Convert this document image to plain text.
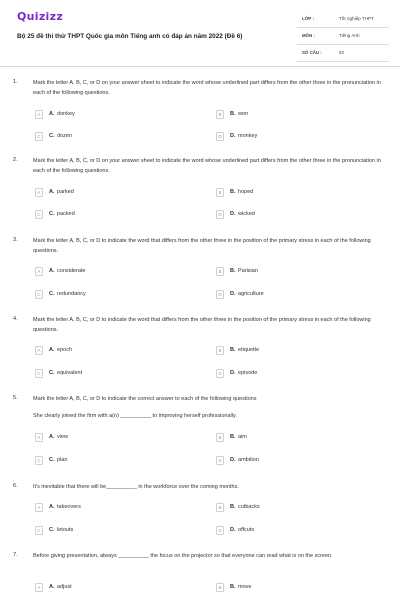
Quizizz
Bộ 25 đề thi thử THPT Quốc gia môn Tiếng anh có đáp án năm 2022 (Đề 6)
LỚP :	Tốt nghiệp THPT
MÔN :	Tiếng Anh
SỐ CÂU :	52
1.	Mark the letter A, B, C, or D on your answer sheet to indicate the word whose underlined part differs from the other three in the pronunciation in each of the following questions.
A	A. donkey	B	B. won
C	C. dozen	D	D. monkey
2.	Mark the letter A, B, C, or D on your answer sheet to indicate the word whose underlined part differs from the other three in the pronunciation in each of the following questions.
A	A. parked	B	B. hoped
C	C. packed	D	D. wicked
3.	Mark the letter A, B, C, or D to indicate the word that differs from the other three in the position of the primary stress in each of the following questions.
A	A. considerate	B	B. Parisian
C	C. redundancy	D	D. agriculture
4.	Mark the letter A, B, C, or D to indicate the word that differs from the other three in the position of the primary stress in each of the following questions.
A	A. epoch	B	B. etiquette
C	C. equivalent	D	D. episode
5.	Mark the letter A, B, C, or D to indicate the correct answer to each of the following questions
She clearly joined the firm with a(n) __________ to improving herself professionally.
A	A. view	B	B. aim
C	C. plan	D	D. ambition
6.	It's inevitable that there will be__________ in the workforce over the coming months.
A	A. takeovers	B	B. cutbacks
C	C. letouts	D	D. offcuts
7.	Before giving presentation, always __________ the focus on the projector so that everyone can read what is on the screen.
A	A. adjust	B	B. move
